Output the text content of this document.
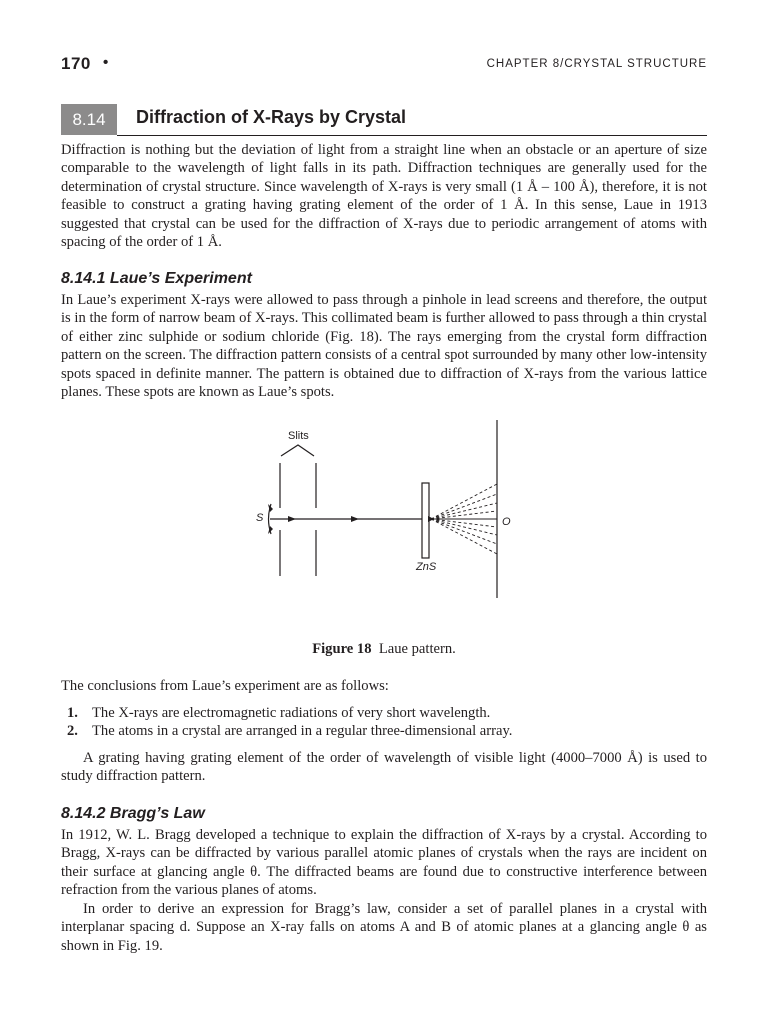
170 •	CHAPTER 8/CRYSTAL STRUCTURE
8.14	Diffraction of X-Rays by Crystal

Diffraction is nothing but the deviation of light from a straight line when an obstacle or an aperture of size comparable to the wavelength of light falls in its path. Diffraction techniques are generally used for the determination of crystal structure. Since wavelength of X-rays is very small (1 Å – 100 Å), therefore, it is not feasible to construct a grating having grating element of the order of 1 Å. In this sense, Laue in 1913 suggested that crystal can be used for the diffraction of X-rays due to periodic arrangement of atoms with spacing of the order of 1 Å.

8.14.1 Laue’s Experiment

In Laue’s experiment X-rays were allowed to pass through a pinhole in lead screens and therefore, the output is in the form of narrow beam of X-rays. This collimated beam is further allowed to pass through a thin crystal of either zinc sulphide or sodium chloride (Fig. 18). The rays emerging from the crystal form diffraction pattern on the screen. The diffraction pattern consists of a central spot surrounded by many other low-intensity spots spaced in definite manner. The pattern is obtained due to diffraction of X-rays from the various lattice planes. These spots are known as Laue’s spots.

Slits
S
ZnS
O
Figure 18 Laue pattern.

The conclusions from Laue’s experiment are as follows:

1. The X-rays are electromagnetic radiations of very short wavelength.
2. The atoms in a crystal are arranged in a regular three-dimensional array.

A grating having grating element of the order of wavelength of visible light (4000–7000 Å) is used to study diffraction pattern.

8.14.2 Bragg’s Law

In 1912, W. L. Bragg developed a technique to explain the diffraction of X-rays by a crystal. According to Bragg, X-rays can be diffracted by various parallel atomic planes of crystals when the rays are incident on their surface at glancing angle θ. The diffracted beams are found due to constructive interference between refraction from the various planes of atoms.

In order to derive an expression for Bragg’s law, consider a set of parallel planes in a crystal with interplanar spacing d. Suppose an X-ray falls on atoms A and B of atomic planes at a glancing angle θ as shown in Fig. 19.
